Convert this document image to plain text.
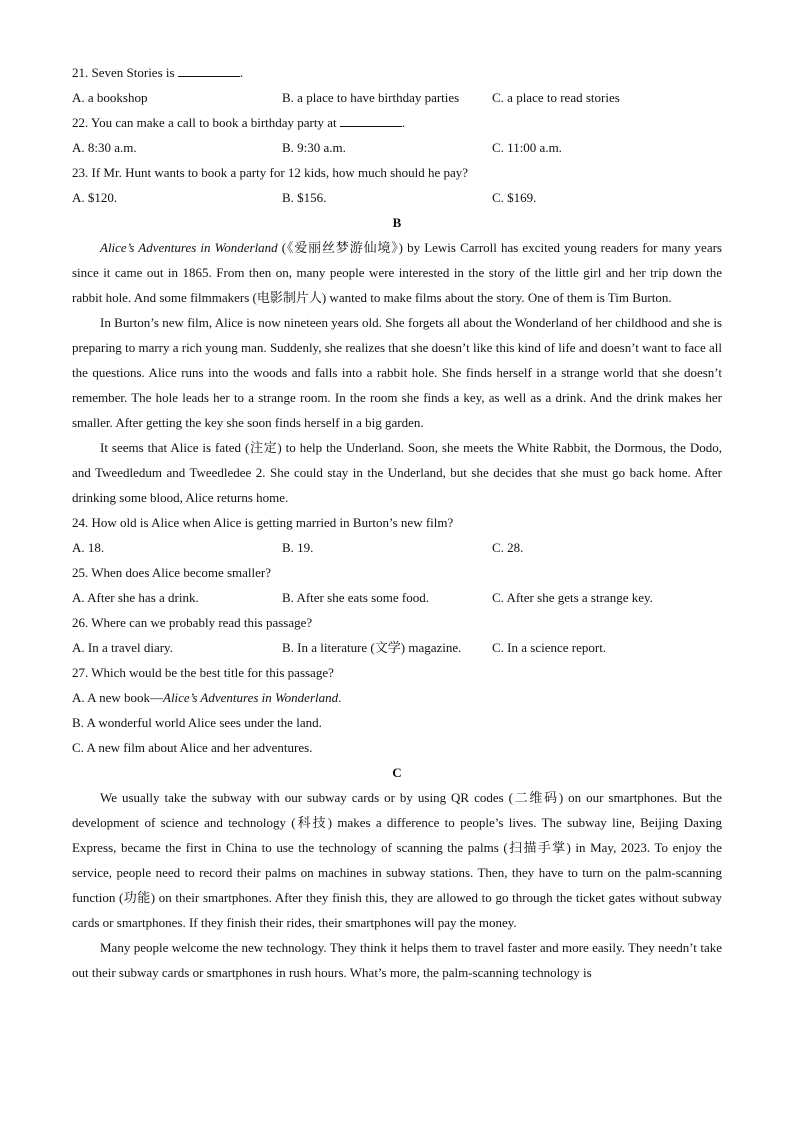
21. Seven Stories is	.

A. a bookshop	B. a place to have birthday parties	C. a place to read stories

22. You can make a call to book a birthday party at	.

A. 8:30 a.m.	B. 9:30 a.m.	C. 11:00 a.m.

23. If Mr. Hunt wants to book a party for 12 kids, how much should he pay?

A. $120.	B. $156.	C. $169.

B

Alice’s Adventures in Wonderland (《爱丽丝梦游仙境》) by Lewis Carroll has excited young readers for many years since it came out in 1865. From then on, many people were interested in the story of the little girl and her trip down the rabbit hole. And some filmmakers (电影制片人) wanted to make films about the story. One of them is Tim Burton.

In Burton’s new film, Alice is now nineteen years old. She forgets all about the Wonderland of her childhood and she is preparing to marry a rich young man. Suddenly, she realizes that she doesn’t like this kind of life and doesn’t want to face all the questions. Alice runs into the woods and falls into a rabbit hole. She finds herself in a strange world that she doesn’t remember. The hole leads her to a strange room. In the room she finds a key, as well as a drink. And the drink makes her smaller. After getting the key she soon finds herself in a big garden.

It seems that Alice is fated (注定) to help the Underland. Soon, she meets the White Rabbit, the Dormous, the Dodo, and Tweedledum and Tweedledee 2. She could stay in the Underland, but she decides that she must go back home. After drinking some blood, Alice returns home.

24. How old is Alice when Alice is getting married in Burton’s new film?

A. 18.	B. 19.	C. 28.

25. When does Alice become smaller?

A. After she has a drink.	B. After she eats some food.	C. After she gets a strange key.

26. Where can we probably read this passage?

A. In a travel diary.	B. In a literature (文学) magazine.	C. In a science report.

27. Which would be the best title for this passage?

A. A new book—Alice’s Adventures in Wonderland.

B. A wonderful world Alice sees under the land.

C. A new film about Alice and her adventures.

C

We usually take the subway with our subway cards or by using QR codes (二维码) on our smartphones. But the development of science and technology (科技) makes a difference to people’s lives. The subway line, Beijing Daxing Express, became the first in China to use the technology of scanning the palms (扫描手掌) in May, 2023. To enjoy the service, people need to record their palms on machines in subway stations. Then, they have to turn on the palm-scanning function (功能) on their smartphones. After they finish this, they are allowed to go through the ticket gates without subway cards or smartphones. If they finish their rides, their smartphones will pay the money.

Many people welcome the new technology. They think it helps them to travel faster and more easily. They needn’t take out their subway cards or smartphones in rush hours. What’s more, the palm-scanning technology is
